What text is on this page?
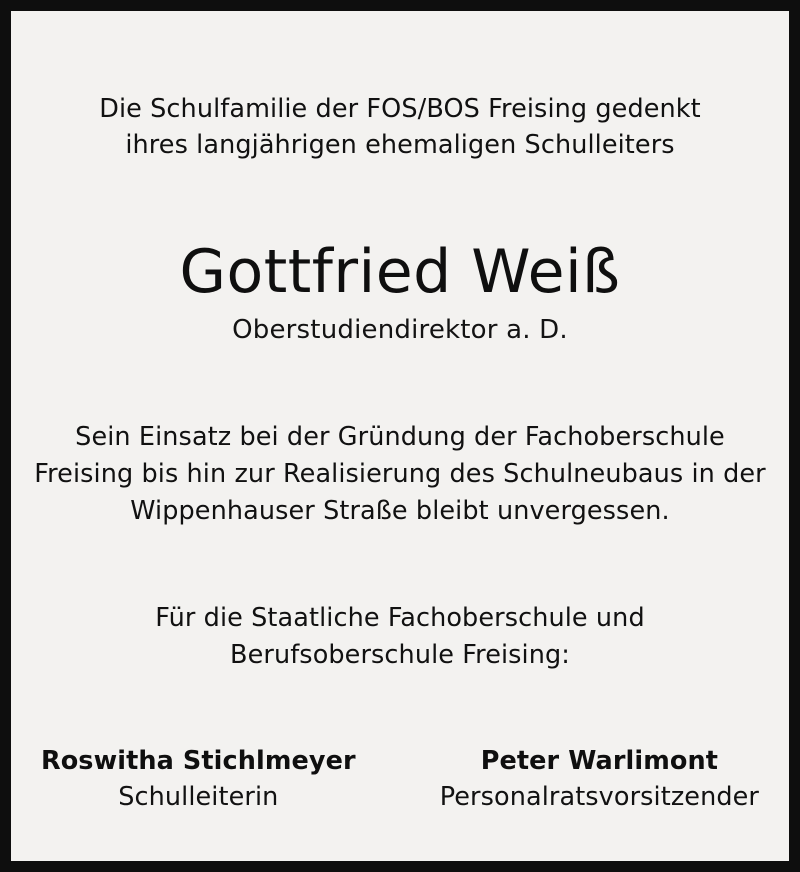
Die Schulfamilie der FOS/BOS Freising gedenkt
ihres langjährigen ehemaligen Schulleiters
Gottfried Weiß
Oberstudiendirektor a. D.
Sein Einsatz bei der Gründung der Fachoberschule
Freising bis hin zur Realisierung des Schulneubaus in der
Wippenhauser Straße bleibt unvergessen.
Für die Staatliche Fachoberschule und
Berufsoberschule Freising:
Roswitha Stichlmeyer
Schulleiterin
Peter Warlimont
Personalratsvorsitzender
